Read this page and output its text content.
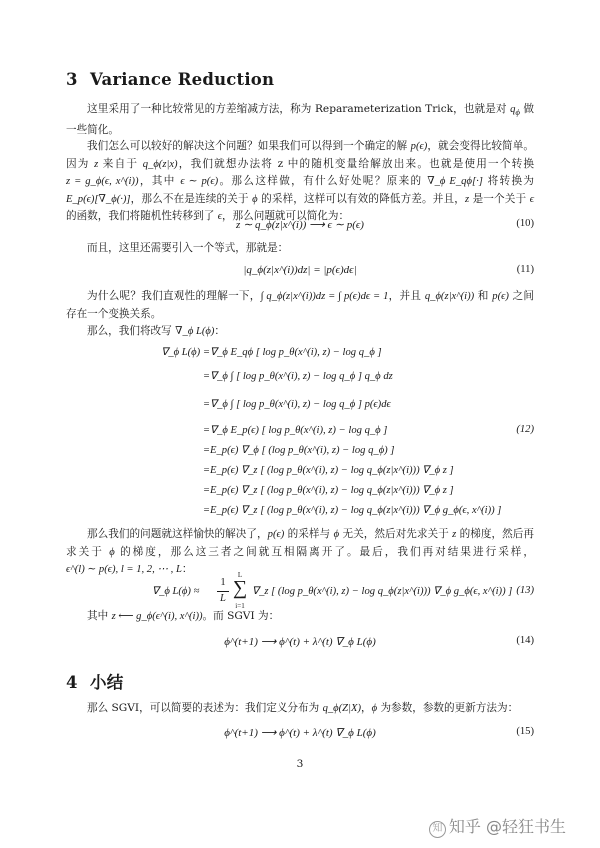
3 Variance Reduction
这里采用了一种比较常见的方差缩减方法，称为 Reparameterization Trick，也就是对 $q_\phi$ 做一些简化。
我们怎么可以较好的解决这个问题？如果我们可以得到一个确定的解 p(ϵ)，就会变得比较简单。因为 z 来自于 q_ϕ(z|x)，我们就想办法将 z 中的随机变量给解放出来。也就是使用一个转换 z = g_ϕ(ϵ, x^(i))，其中 ϵ ∼ p(ϵ)。那么这样做，有什么好处呢？原来的 ∇_ϕ E_qϕ[·] 将转换为 E_p(ϵ)[∇_ϕ(·)]，那么不在是连续的关于 ϕ 的采样，这样可以有效的降低方差。并且，z 是一个关于 ϵ 的函数，我们将随机性转移到了 ϵ，那么问题就可以简化为：
z ∼ q_ϕ(z|x^(i)) ⟶ ϵ ∼ p(ϵ)	(10)
而且，这里还需要引入一个等式，那就是：
|q_ϕ(z|x^(i))dz| = |p(ϵ)dϵ|	(11)
为什么呢？我们直观性的理解一下，∫ q_ϕ(z|x^(i))dz = ∫ p(ϵ)dϵ = 1，并且 q_ϕ(z|x^(i)) 和 p(ϵ) 之间存在一个变换关系。
那么，我们将改写 ∇_ϕ L(ϕ)：
∇_ϕ L(ϕ) =∇_ϕ E_qϕ [ log p_θ(x^(i), z) − log q_ϕ ]
=∇_ϕ ∫ [ log p_θ(x^(i), z) − log q_ϕ ] q_ϕ dz
=∇_ϕ ∫ [ log p_θ(x^(i), z) − log q_ϕ ] p(ϵ)dϵ
=∇_ϕ E_p(ϵ) [ log p_θ(x^(i), z) − log q_ϕ ]
=E_p(ϵ) ∇_ϕ [ (log p_θ(x^(i), z) − log q_ϕ) ]
=E_p(ϵ) ∇_z [ (log p_θ(x^(i), z) − log q_ϕ(z|x^(i))) ∇_ϕ z ]
=E_p(ϵ) ∇_z [ (log p_θ(x^(i), z) − log q_ϕ(z|x^(i))) ∇_ϕ z ]
=E_p(ϵ) ∇_z [ (log p_θ(x^(i), z) − log q_ϕ(z|x^(i))) ∇_ϕ g_ϕ(ϵ, x^(i)) ]
(12)
那么我们的问题就这样愉快的解决了，p(ϵ) 的采样与 ϕ 无关，然后对先求关于 z 的梯度，然后再求关于 ϕ 的梯度，那么这三者之间就互相隔离开了。最后，我们再对结果进行采样，ϵ^(l) ∼ p(ϵ), l = 1, 2, ⋯ , L：
∇_ϕ L(ϕ) ≈
1
L
L
∑
i=1
∇_z [ (log p_θ(x^(i), z) − log q_ϕ(z|x^(i))) ∇_ϕ g_ϕ(ϵ, x^(i)) ] (13)
其中 z ⟵ g_ϕ(ϵ^(i), x^(i))。而 SGVI 为：
ϕ^(t+1) ⟶ ϕ^(t) + λ^(t) ∇_ϕ L(ϕ)	(14)
4 小结
那么 SGVI，可以简要的表述为：我们定义分布为 q_ϕ(Z|X)，ϕ 为参数，参数的更新方法为：
ϕ^(t+1) ⟶ ϕ^(t) + λ^(t) ∇_ϕ L(ϕ)	(15)
3
知 知乎 @轻狂书生
